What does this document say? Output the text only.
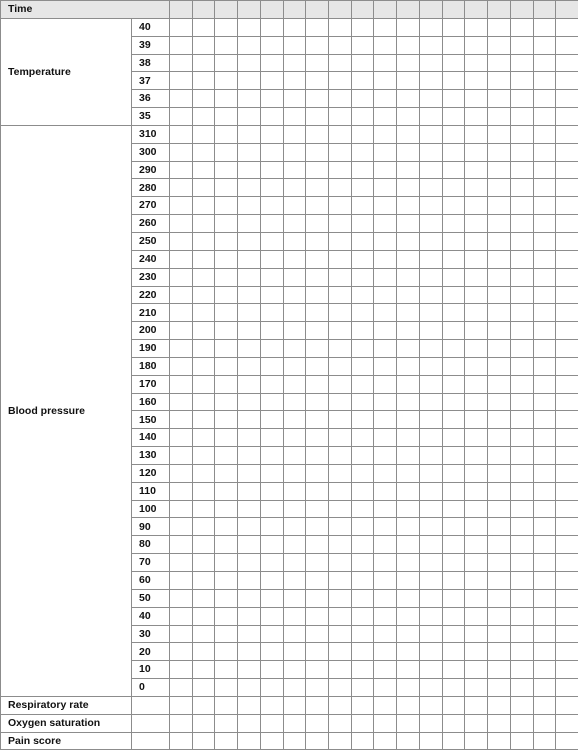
Time																			
Temperature	40																		
	39																		
	38																		
	37																		
	36																		
	35																		
Blood pressure	310																		
	300																		
	290																		
	280																		
	270																		
	260																		
	250																		
	240																		
	230																		
	220																		
	210																		
	200																		
	190																		
	180																		
	170																		
	160																		
	150																		
	140																		
	130																		
	120																		
	110																		
	100																		
	90																		
	80																		
	70																		
	60																		
	50																		
	40																		
	30																		
	20																		
	10																		
	0																		
Respiratory rate																			
Oxygen saturation																			
Pain score																			
